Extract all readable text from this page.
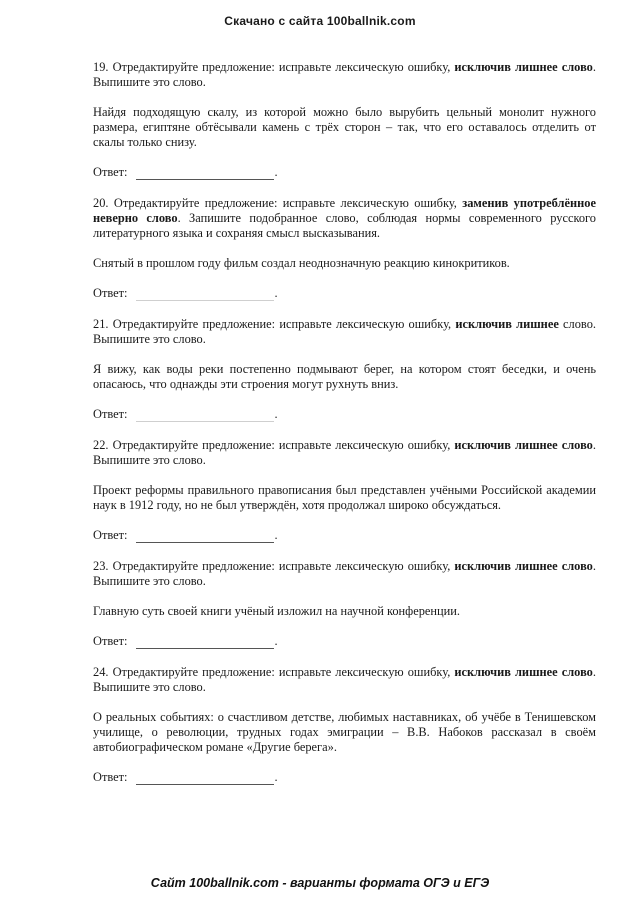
Скачано с сайта 100ballnik.com

19. Отредактируйте предложение: исправьте лексическую ошибку, исключив лишнее слово. Выпишите это слово.

Найдя подходящую скалу, из которой можно было вырубить цельный монолит нужного размера, египтяне обтёсывали камень с трёх сторон – так, что его оставалось отделить от скалы только снизу.

Ответ:	.

20. Отредактируйте предложение: исправьте лексическую ошибку, заменив употреблённое неверно слово. Запишите подобранное слово, соблюдая нормы современного русского литературного языка и сохраняя смысл высказывания.

Снятый в прошлом году фильм создал неоднозначную реакцию кинокритиков.

Ответ:	.

21. Отредактируйте предложение: исправьте лексическую ошибку, исключив лишнее слово. Выпишите это слово.

Я вижу, как воды реки постепенно подмывают берег, на котором стоят беседки, и очень опасаюсь, что однажды эти строения могут рухнуть вниз.

Ответ:	.

22. Отредактируйте предложение: исправьте лексическую ошибку, исключив лишнее слово. Выпишите это слово.

Проект реформы правильного правописания был представлен учёными Российской академии наук в 1912 году, но не был утверждён, хотя продолжал широко обсуждаться.

Ответ:	.

23. Отредактируйте предложение: исправьте лексическую ошибку, исключив лишнее слово. Выпишите это слово.

Главную суть своей книги учёный изложил на научной конференции.

Ответ:	.

24. Отредактируйте предложение: исправьте лексическую ошибку, исключив лишнее слово. Выпишите это слово.

О реальных событиях: о счастливом детстве, любимых наставниках, об учёбе в Тенишевском училище, о революции, трудных годах эмиграции – В.В. Набоков рассказал в своём автобиографическом романе «Другие берега».

Ответ:	.
Сайт 100ballnik.com - варианты формата ОГЭ и ЕГЭ
